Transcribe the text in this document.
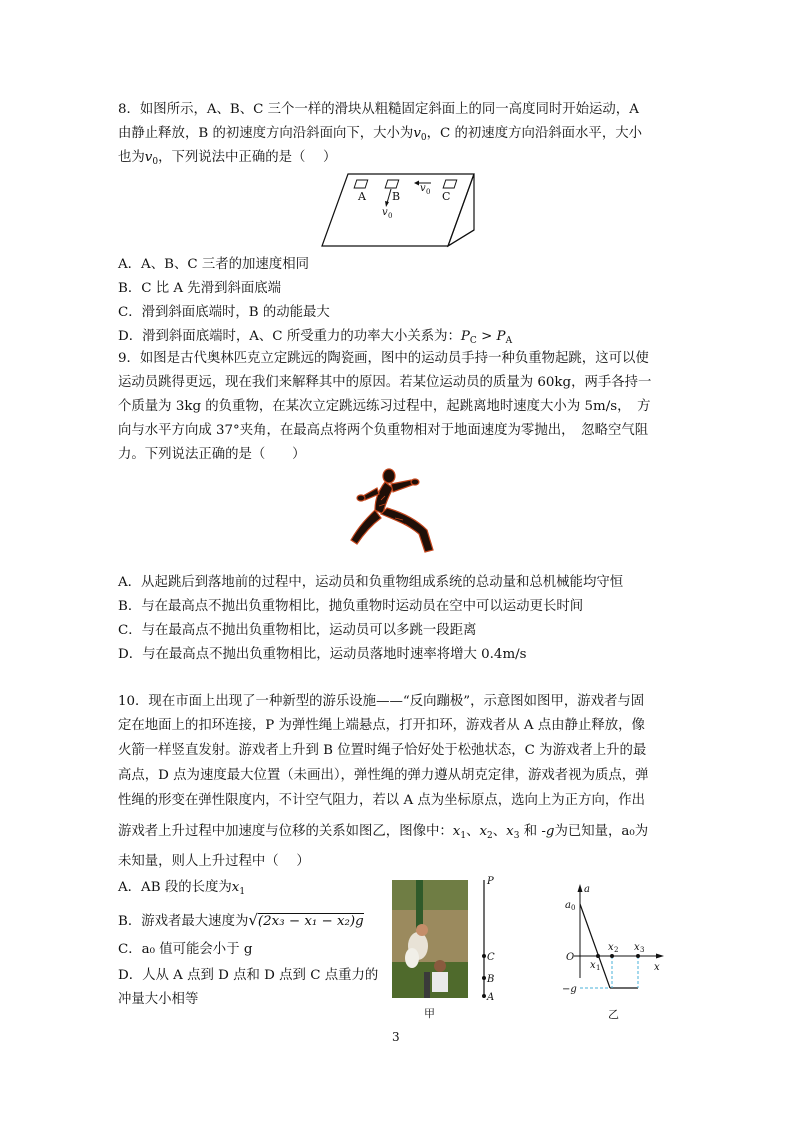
8．如图所示，A、B、C 三个一样的滑块从粗糙固定斜面上的同一高度同时开始运动，A
由静止释放，B 的初速度方向沿斜面向下，大小为$v_0$，C 的初速度方向沿斜面水平，大小
也为$v_0$，下列说法中正确的是（　 ）
A B	C
v 0
v 0
A．A、B、C 三者的加速度相同
B．C 比 A 先滑到斜面底端
C．滑到斜面底端时，B 的动能最大
D．滑到斜面底端时，A、C 所受重力的功率大小关系为：$P_C > P_A$
9．如图是古代奥林匹克立定跳远的陶瓷画，图中的运动员手持一种负重物起跳，这可以使
运动员跳得更远，现在我们来解释其中的原因。若某位运动员的质量为 60kg，两手各持一
个质量为 3kg 的负重物，在某次立定跳远练习过程中，起跳离地时速度大小为 5m/s，　方
向与水平方向成 37°夹角，在最高点将两个负重物相对于地面速度为零抛出，　忽略空气阻
力。下列说法正确的是（　　）
A．从起跳后到落地前的过程中，运动员和负重物组成系统的总动量和总机械能均守恒
B．与在最高点不抛出负重物相比，抛负重物时运动员在空中可以运动更长时间
C．与在最高点不抛出负重物相比，运动员可以多跳一段距离
D．与在最高点不抛出负重物相比，运动员落地时速率将增大 0.4m/s
10．现在市面上出现了一种新型的游乐设施——“反向蹦极”，示意图如图甲，游戏者与固
定在地面上的扣环连接，P 为弹性绳上端悬点，打开扣环，游戏者从 A 点由静止释放，像
火箭一样竖直发射。游戏者上升到 B 位置时绳子恰好处于松弛状态，C 为游戏者上升的最
高点，D 点为速度最大位置（未画出），弹性绳的弹力遵从胡克定律，游戏者视为质点，弹
性绳的形变在弹性限度内，不计空气阻力，若以 A 点为坐标原点，选向上为正方向，作出
游戏者上升过程中加速度与位移的关系如图乙，图像中：$x_1$、$x_2$、$x_3$ 和 -g为已知量，a₀为
未知量，则人上升过程中（　 ）
A．AB 段的长度为$x_1$
B．游戏者最大速度为√(2x₃ − x₁ − x₂)g
C．a₀ 值可能会小于 g
D．人从 A 点到 D 点和 D 点到 C 点重力的
冲量大小相等
P
C
B
A
甲
a
a 0
O
x
x 1
x 2 x 3
−g
乙
3
